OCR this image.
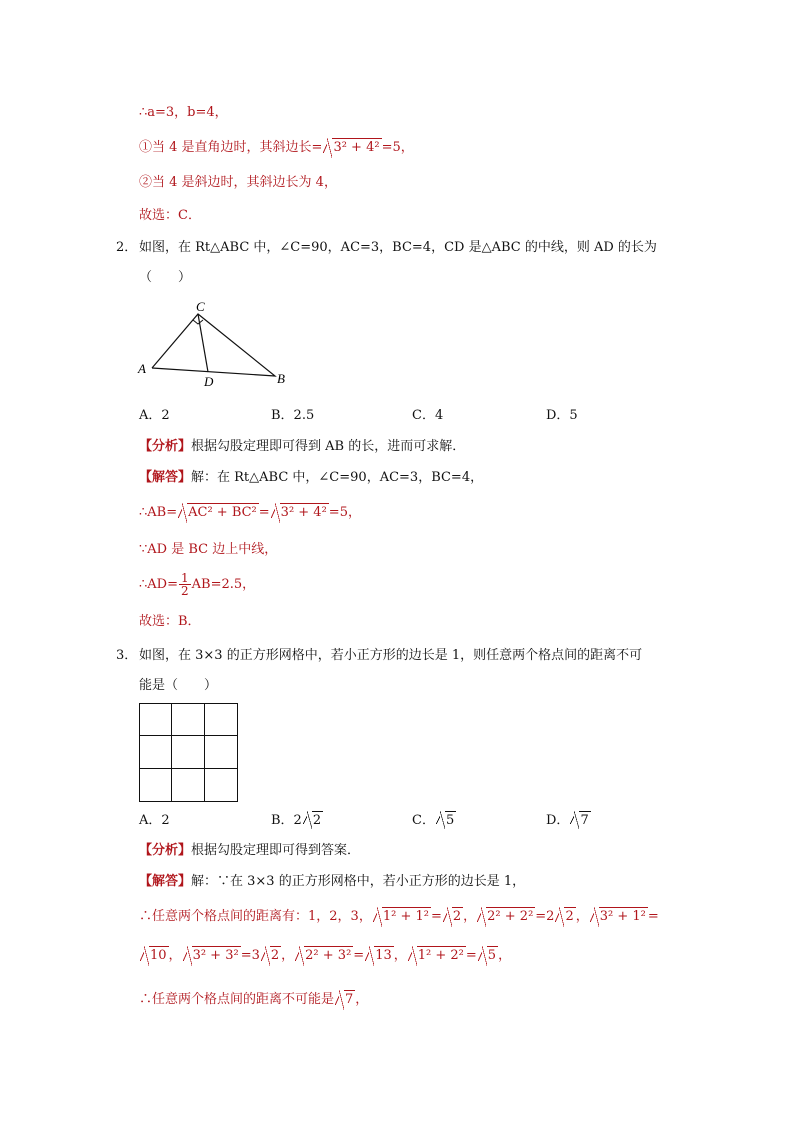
∴a=3，b=4，
①当 4 是直角边时，其斜边长= 3² + 4² =5，
②当 4 是斜边时，其斜边长为 4，
故选：C．
2． 如图，在 Rt△ABC 中，∠C=90，AC=3，BC=4，CD 是△ABC 的中线，则 AD 的长为
（　　）
C
A
B
D
A．2	B．2.5	C．4	D．5
【分析】根据勾股定理即可得到 AB 的长，进而可求解．
【解答】解：在 Rt△ABC 中，∠C=90，AC=3，BC=4，
∴AB= AC² + BC² = 3² + 4² =5，
∵AD 是 BC 边上中线，
∴AD= $\frac{1}{2} AB=2.5$，
故选：B．
3． 如图，在 3×3 的正方形网格中，若小正方形的边长是 1，则任意两个格点间的距离不可
能是（　　）
A．2	B．2 2	C． 5	D． 7
【分析】根据勾股定理即可得到答案．
【解答】解：∵在 3×3 的正方形网格中，若小正方形的边长是 1，
∴任意两个格点间的距离有：1，2，3， 1² + 1² = 2 ， 2² + 2² =2 2 ， 3² + 1² =
10 ， 3² + 3² =3 2 ， 2² + 3² = 13 ， 1² + 2² = 5 ，
∴任意两个格点间的距离不可能是 7 ，
